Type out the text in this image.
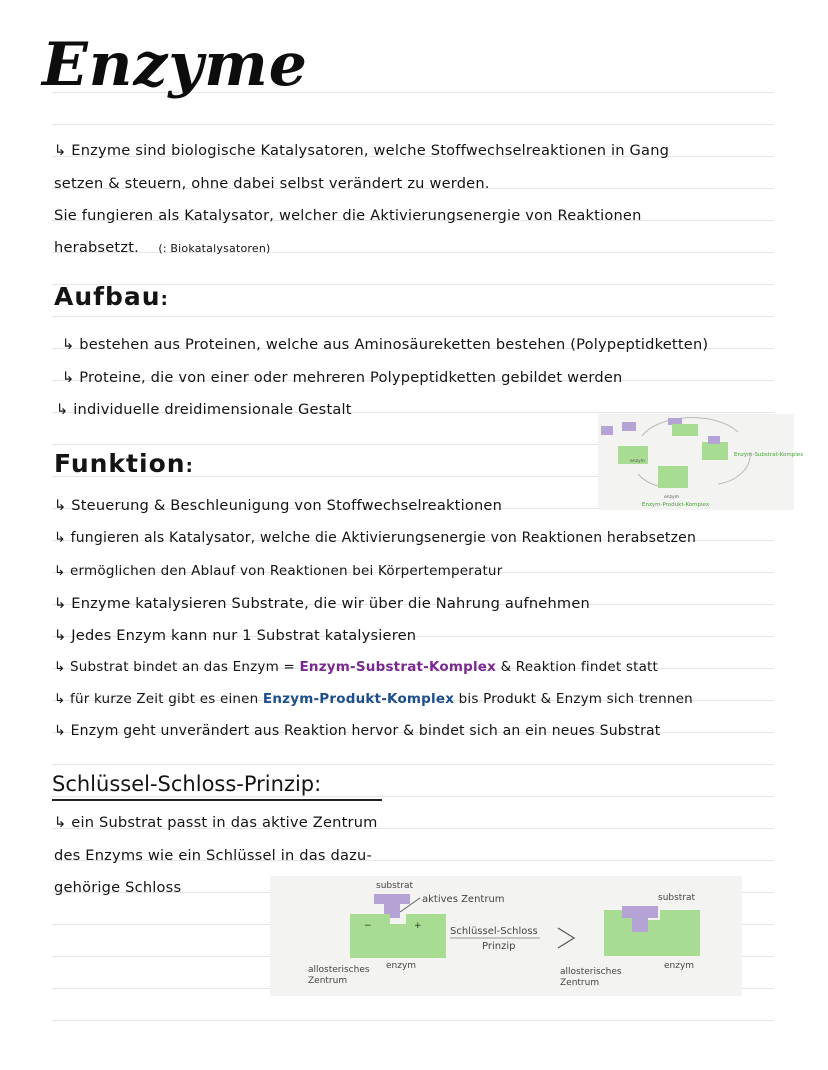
Enzyme
↳ Enzyme sind biologische Katalysatoren, welche Stoffwechselreaktionen in Gang
setzen & steuern, ohne dabei selbst verändert zu werden.
Sie fungieren als Katalysator, welcher die Aktivierungsenergie von Reaktionen
herabsetzt. (: Biokatalysatoren)
Aufbau:
↳ bestehen aus Proteinen, welche aus Aminosäureketten bestehen (Polypeptidketten)
↳ Proteine, die von einer oder mehreren Polypeptidketten gebildet werden
↳ individuelle dreidimensionale Gestalt
Funktion:	enzym
enzym
Enzym-Substrat-Komplex
Enzym-Produkt-Komplex
↳ Steuerung & Beschleunigung von Stoffwechselreaktionen
↳ fungieren als Katalysator, welche die Aktivierungsenergie von Reaktionen herabsetzen
↳ ermöglichen den Ablauf von Reaktionen bei Körpertemperatur
↳ Enzyme katalysieren Substrate, die wir über die Nahrung aufnehmen
↳ Jedes Enzym kann nur 1 Substrat katalysieren
↳ Substrat bindet an das Enzym = Enzym-Substrat-Komplex & Reaktion findet statt
↳ für kurze Zeit gibt es einen Enzym-Produkt-Komplex bis Produkt & Enzym sich trennen
↳ Enzym geht unverändert aus Reaktion hervor & bindet sich an ein neues Substrat
Schlüssel-Schloss-Prinzip:
↳ ein Substrat passt in das aktive Zentrum
des Enzyms wie ein Schlüssel in das dazu-
gehörige Schloss	substrat
−	+
aktives Zentrum
allosterisches
Zentrum
enzym
Schlüssel-Schloss
Prinzip
substrat
allosterisches
Zentrum
enzym
